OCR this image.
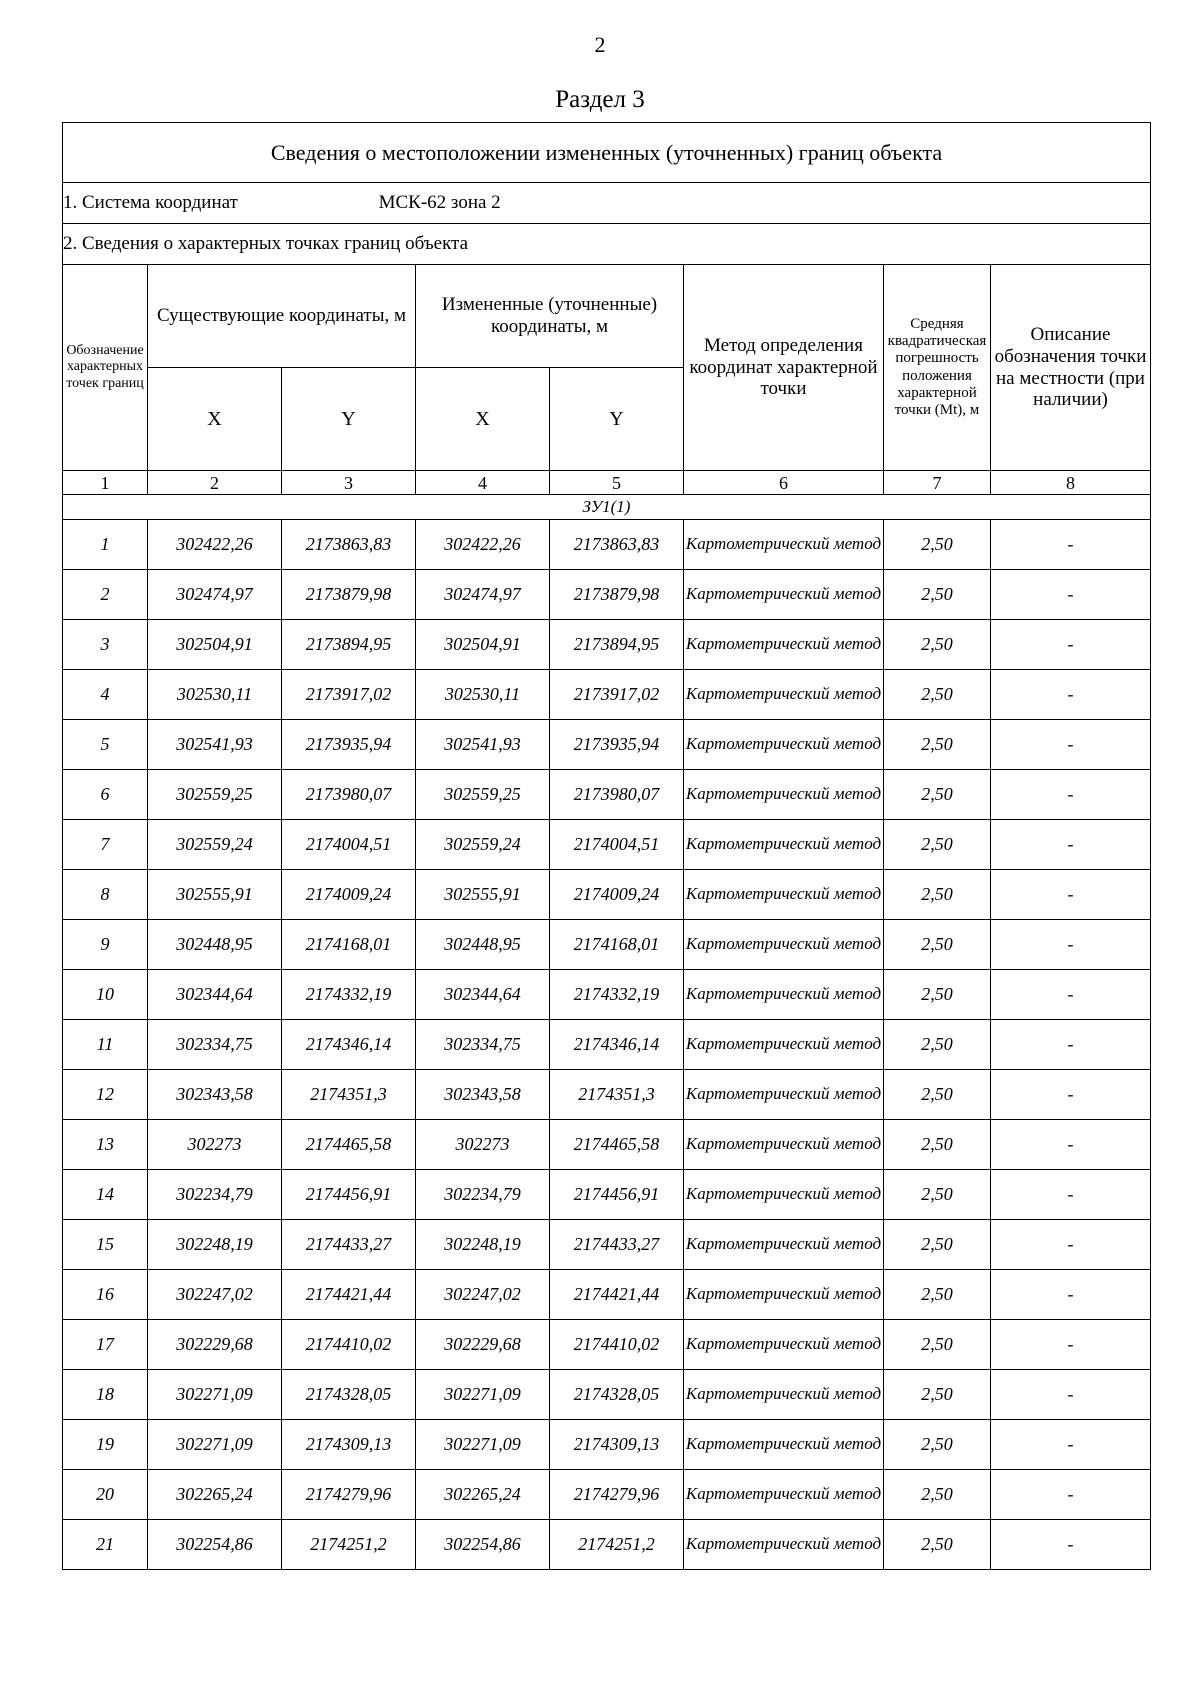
2
Раздел 3
Сведения о местоположении измененных (уточненных) границ объекта							
1. Система координат МСК-62 зона 2							
2. Сведения о характерных точках границ объекта							
Обозначение характерных точек границ	Существующие координаты, м		Измененные (уточненные) координаты, м		Метод определения координат характерной точки	Средняя квадратическая погрешность положения характерной точки (Mt), м	Описание обозначения точки на местности (при наличии)
	X	Y	X	Y			
1	2	3	4	5	6	7	8
ЗУ1(1)							
1	302422,26	2173863,83	302422,26	2173863,83	Картометрический метод	2,50	-
2	302474,97	2173879,98	302474,97	2173879,98	Картометрический метод	2,50	-
3	302504,91	2173894,95	302504,91	2173894,95	Картометрический метод	2,50	-
4	302530,11	2173917,02	302530,11	2173917,02	Картометрический метод	2,50	-
5	302541,93	2173935,94	302541,93	2173935,94	Картометрический метод	2,50	-
6	302559,25	2173980,07	302559,25	2173980,07	Картометрический метод	2,50	-
7	302559,24	2174004,51	302559,24	2174004,51	Картометрический метод	2,50	-
8	302555,91	2174009,24	302555,91	2174009,24	Картометрический метод	2,50	-
9	302448,95	2174168,01	302448,95	2174168,01	Картометрический метод	2,50	-
10	302344,64	2174332,19	302344,64	2174332,19	Картометрический метод	2,50	-
11	302334,75	2174346,14	302334,75	2174346,14	Картометрический метод	2,50	-
12	302343,58	2174351,3	302343,58	2174351,3	Картометрический метод	2,50	-
13	302273	2174465,58	302273	2174465,58	Картометрический метод	2,50	-
14	302234,79	2174456,91	302234,79	2174456,91	Картометрический метод	2,50	-
15	302248,19	2174433,27	302248,19	2174433,27	Картометрический метод	2,50	-
16	302247,02	2174421,44	302247,02	2174421,44	Картометрический метод	2,50	-
17	302229,68	2174410,02	302229,68	2174410,02	Картометрический метод	2,50	-
18	302271,09	2174328,05	302271,09	2174328,05	Картометрический метод	2,50	-
19	302271,09	2174309,13	302271,09	2174309,13	Картометрический метод	2,50	-
20	302265,24	2174279,96	302265,24	2174279,96	Картометрический метод	2,50	-
21	302254,86	2174251,2	302254,86	2174251,2	Картометрический метод	2,50	-
